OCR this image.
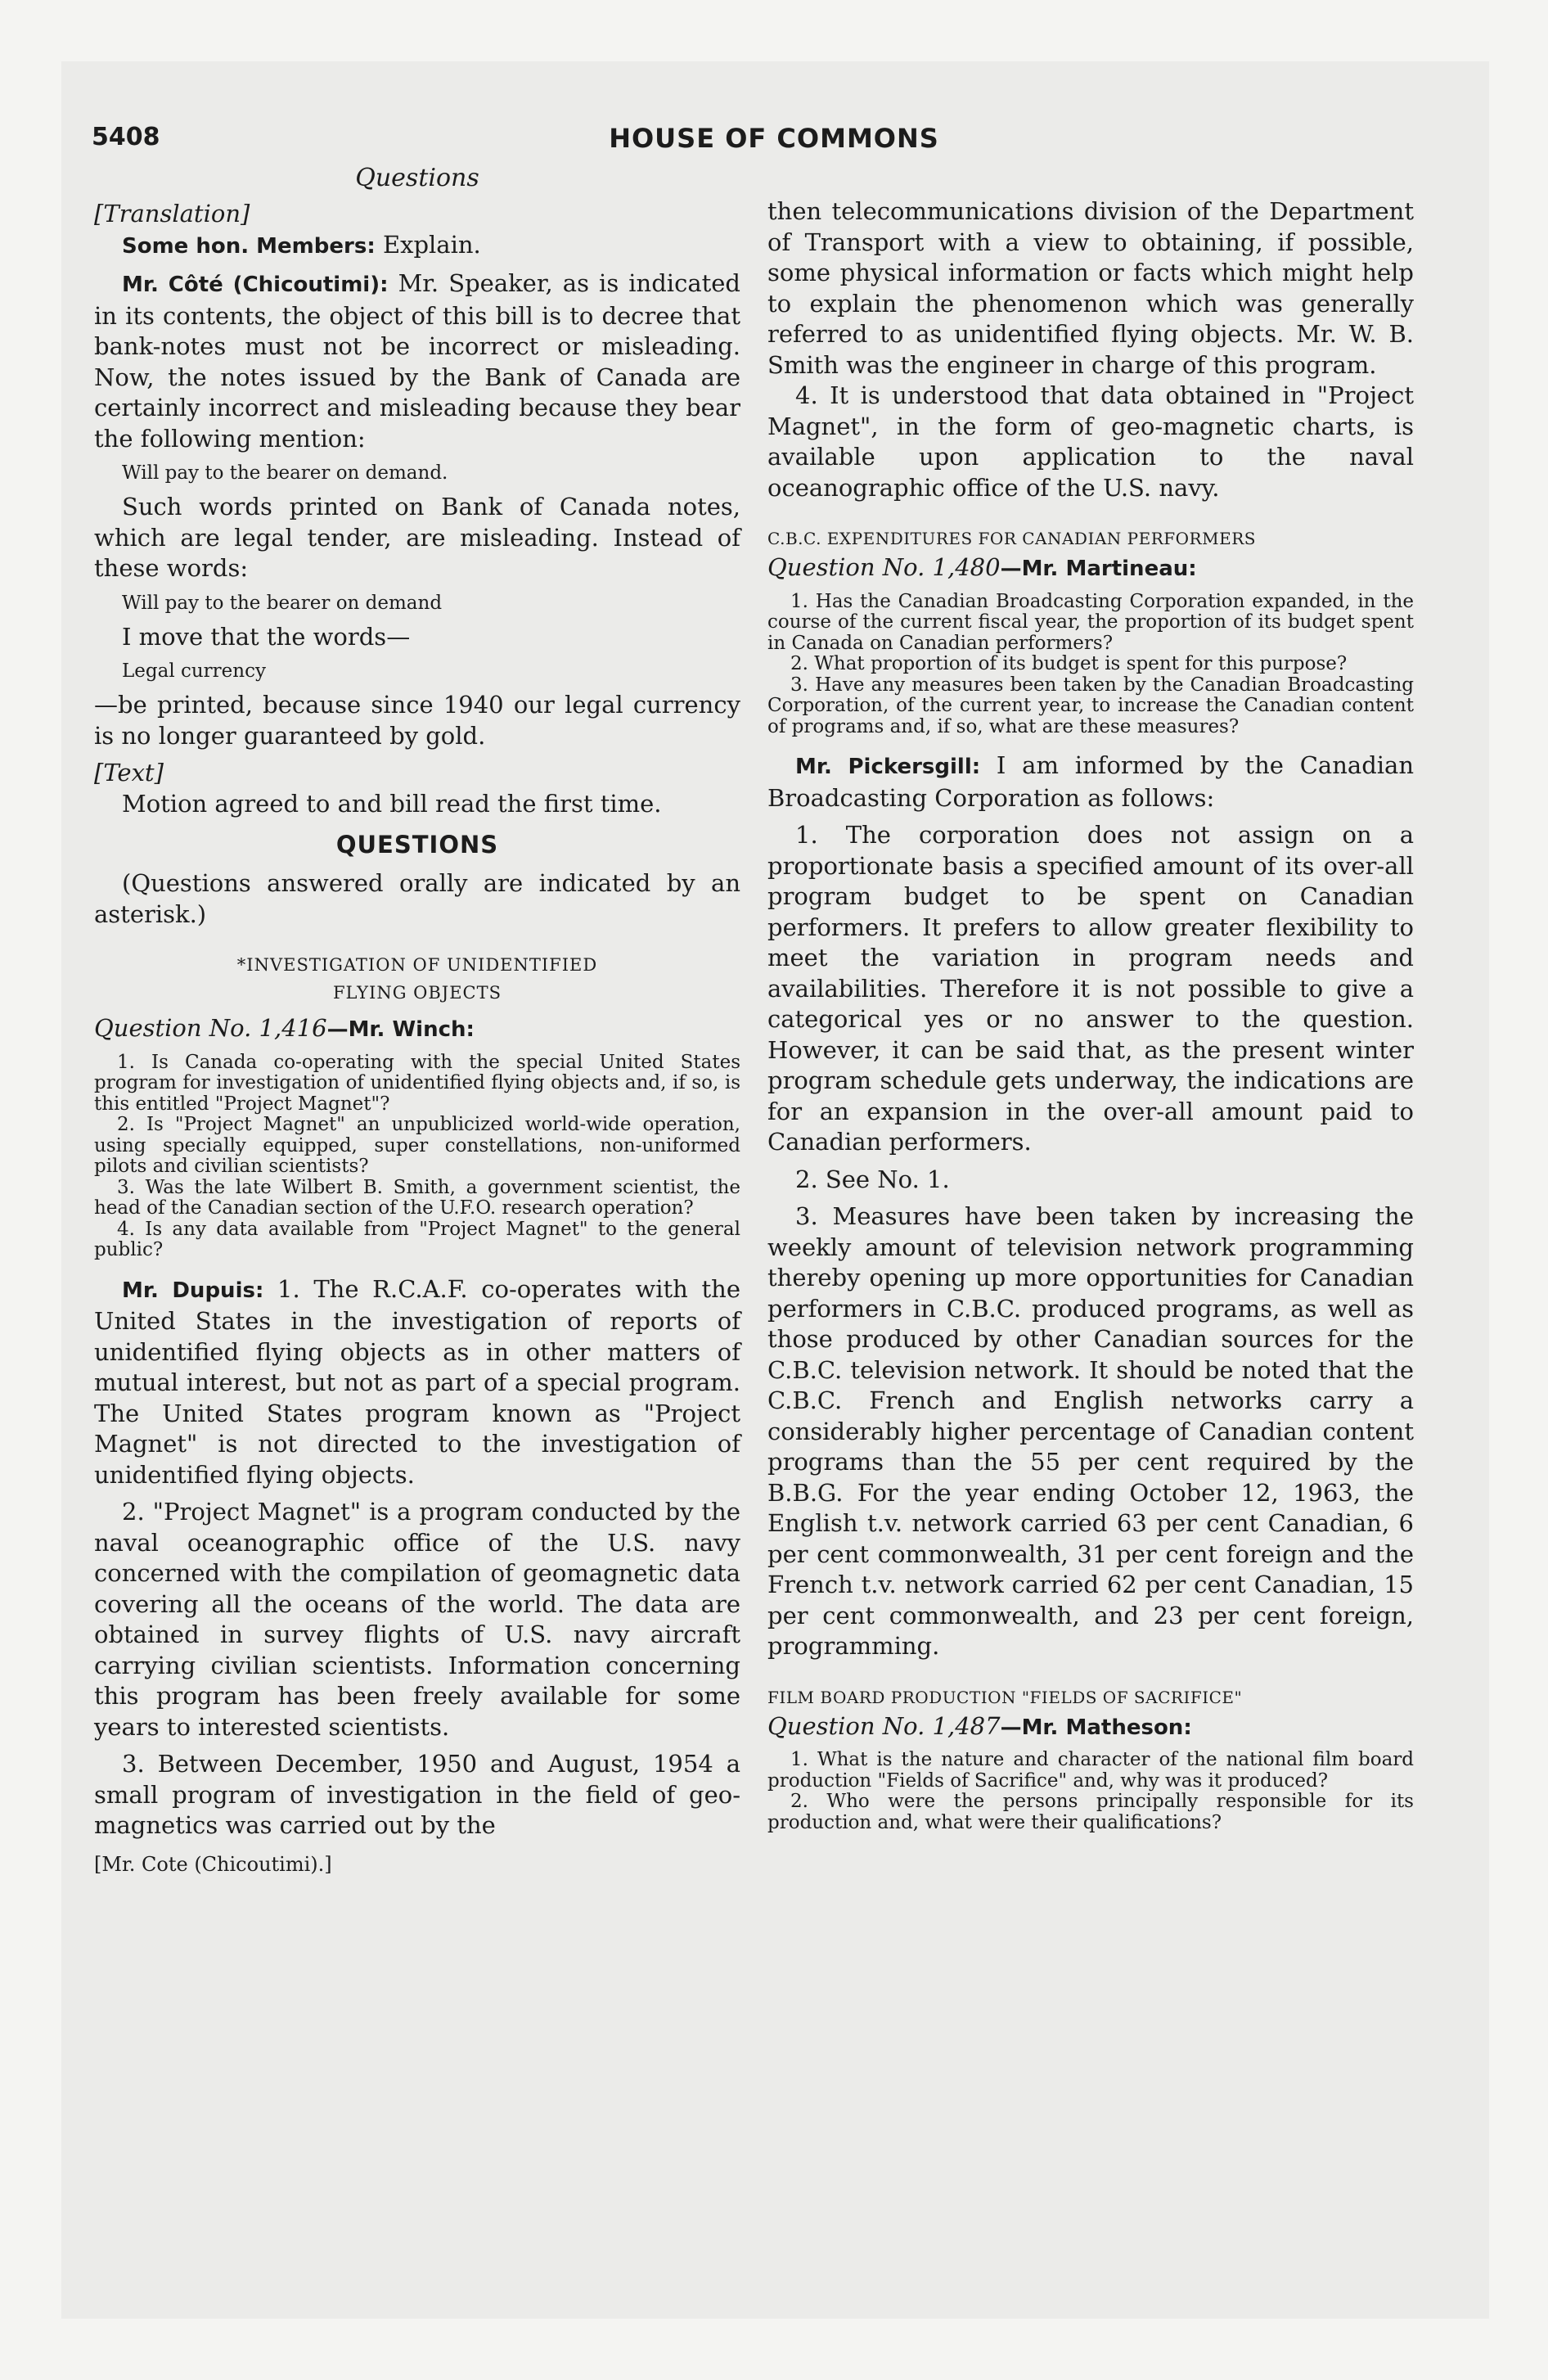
5408	HOUSE OF COMMONS
Questions

[Translation]

Some hon. Members: Explain.

Mr. Côté (Chicoutimi): Mr. Speaker, as is indicated in its contents, the object of this bill is to decree that bank-notes must not be incorrect or misleading. Now, the notes issued by the Bank of Canada are certainly incorrect and misleading because they bear the following mention:

Will pay to the bearer on demand.

Such words printed on Bank of Canada notes, which are legal tender, are misleading. Instead of these words:

Will pay to the bearer on demand

I move that the words—

Legal currency

—be printed, because since 1940 our legal currency is no longer guaranteed by gold.

[Text]

Motion agreed to and bill read the first time.

QUESTIONS

(Questions answered orally are indicated by an asterisk.)

*INVESTIGATION OF UNIDENTIFIED
FLYING OBJECTS

Question No. 1,416—Mr. Winch:

1. Is Canada co-operating with the special United States program for investigation of unidentified flying objects and, if so, is this entitled "Project Magnet"?

2. Is "Project Magnet" an unpublicized world-wide operation, using specially equipped, super constellations, non-uniformed pilots and civilian scientists?

3. Was the late Wilbert B. Smith, a government scientist, the head of the Canadian section of the U.F.O. research operation?

4. Is any data available from "Project Magnet" to the general public?

Mr. Dupuis: 1. The R.C.A.F. co-operates with the United States in the investigation of reports of unidentified flying objects as in other matters of mutual interest, but not as part of a special program. The United States program known as "Project Magnet" is not directed to the investigation of unidentified flying objects.

2. "Project Magnet" is a program conducted by the naval oceanographic office of the U.S. navy concerned with the compilation of geomagnetic data covering all the oceans of the world. The data are obtained in survey flights of U.S. navy aircraft carrying civilian scientists. Information concerning this program has been freely available for some years to interested scientists.

3. Between December, 1950 and August, 1954 a small program of investigation in the field of geo-magnetics was carried out by the

[Mr. Cote (Chicoutimi).]

then telecommunications division of the Department of Transport with a view to obtaining, if possible, some physical information or facts which might help to explain the phenomenon which was generally referred to as unidentified flying objects. Mr. W. B. Smith was the engineer in charge of this program.

4. It is understood that data obtained in "Project Magnet", in the form of geo-magnetic charts, is available upon application to the naval oceanographic office of the U.S. navy.

C.B.C. EXPENDITURES FOR CANADIAN PERFORMERS

Question No. 1,480—Mr. Martineau:

1. Has the Canadian Broadcasting Corporation expanded, in the course of the current fiscal year, the proportion of its budget spent in Canada on Canadian performers?

2. What proportion of its budget is spent for this purpose?

3. Have any measures been taken by the Canadian Broadcasting Corporation, of the current year, to increase the Canadian content of programs and, if so, what are these measures?

Mr. Pickersgill: I am informed by the Canadian Broadcasting Corporation as follows:

1. The corporation does not assign on a proportionate basis a specified amount of its over-all program budget to be spent on Canadian performers. It prefers to allow greater flexibility to meet the variation in program needs and availabilities. Therefore it is not possible to give a categorical yes or no answer to the question. However, it can be said that, as the present winter program schedule gets underway, the indications are for an expansion in the over-all amount paid to Canadian performers.

2. See No. 1.

3. Measures have been taken by increasing the weekly amount of television network programming thereby opening up more opportunities for Canadian performers in C.B.C. produced programs, as well as those produced by other Canadian sources for the C.B.C. television network. It should be noted that the C.B.C. French and English networks carry a considerably higher percentage of Canadian content programs than the 55 per cent required by the B.B.G. For the year ending October 12, 1963, the English t.v. network carried 63 per cent Canadian, 6 per cent commonwealth, 31 per cent foreign and the French t.v. network carried 62 per cent Canadian, 15 per cent commonwealth, and 23 per cent foreign, programming.

FILM BOARD PRODUCTION "FIELDS OF SACRIFICE"

Question No. 1,487—Mr. Matheson:

1. What is the nature and character of the national film board production "Fields of Sacrifice" and, why was it produced?

2. Who were the persons principally responsible for its production and, what were their qualifications?
